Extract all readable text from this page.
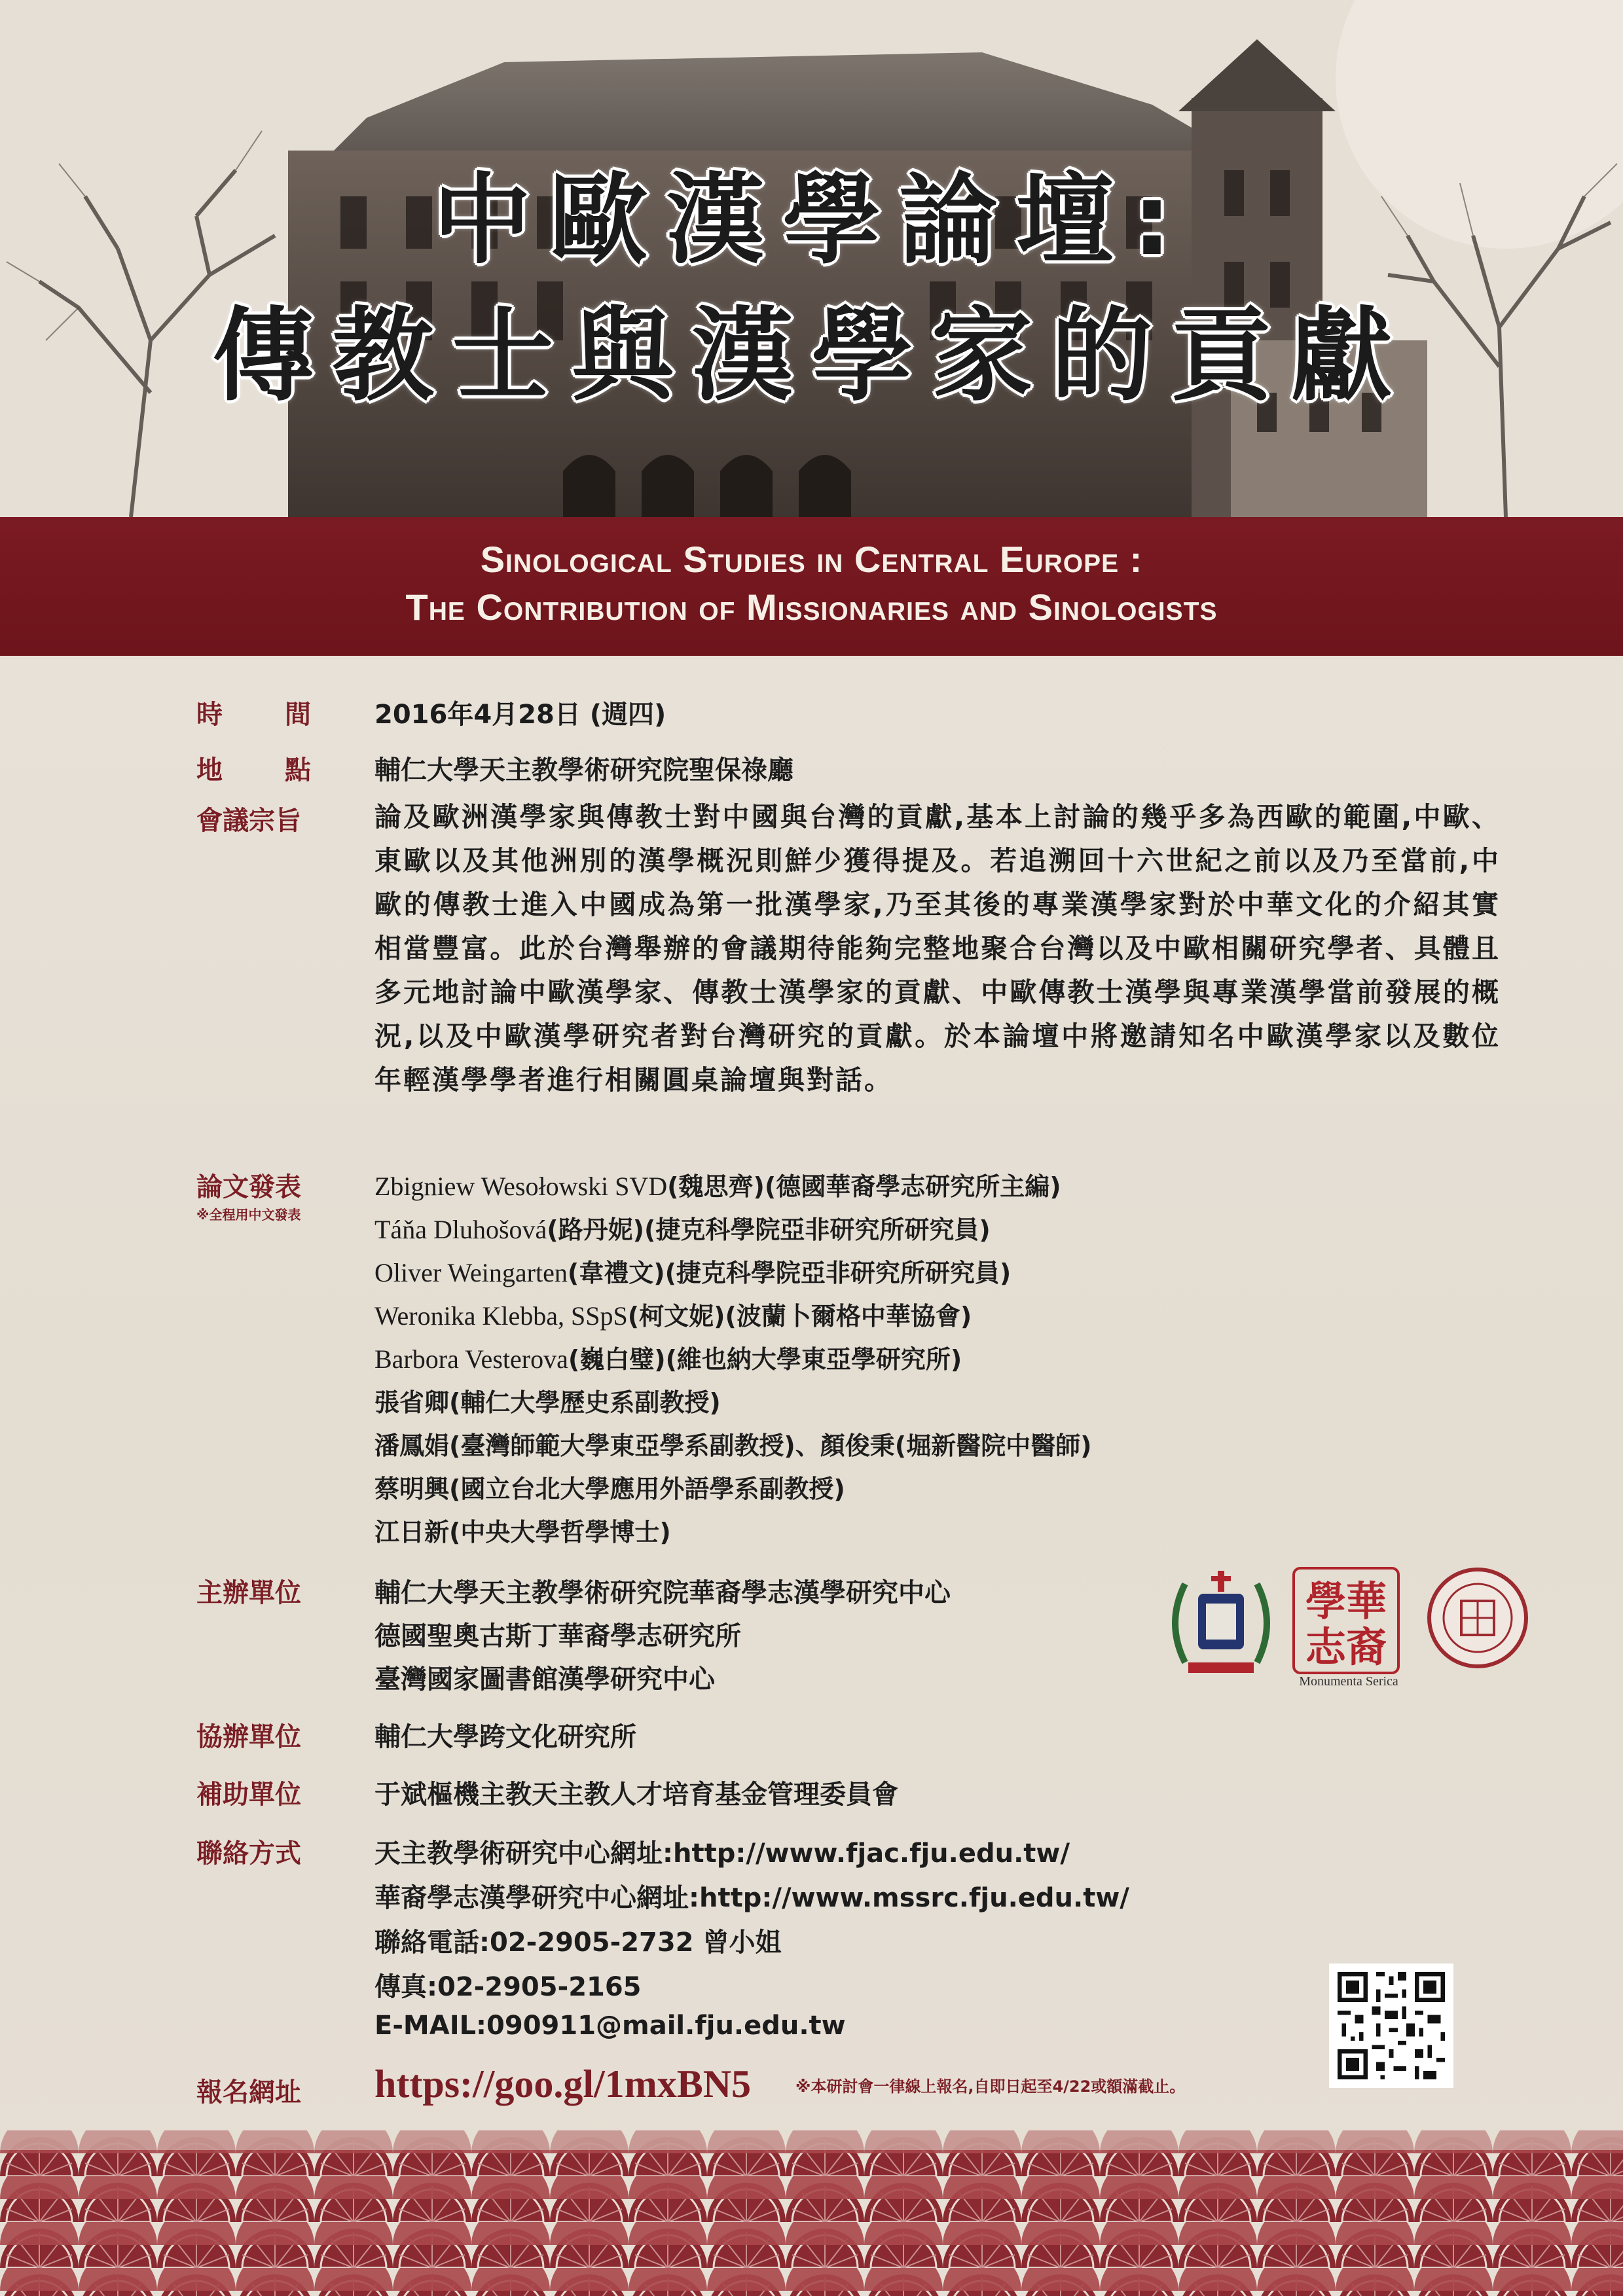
中歐漢學論壇:
傳教士與漢學家的貢獻
Sinological Studies in Central Europe :
The Contribution of Missionaries and Sinologists
時間 2016年4月28日 (週四)
地點 輔仁大學天主教學術研究院聖保祿廳
會議宗旨	論及歐洲漢學家與傳教士對中國與台灣的貢獻,基本上討論的幾乎多為西歐的範圍,中歐、東歐以及其他洲別的漢學概況則鮮少獲得提及。若追溯回十六世紀之前以及乃至當前,中歐的傳教士進入中國成為第一批漢學家,乃至其後的專業漢學家對於中華文化的介紹其實相當豐富。此於台灣舉辦的會議期待能夠完整地聚合台灣以及中歐相關研究學者、具體且多元地討論中歐漢學家、傳教士漢學家的貢獻、中歐傳教士漢學與專業漢學當前發展的概況,以及中歐漢學研究者對台灣研究的貢獻。於本論壇中將邀請知名中歐漢學家以及數位年輕漢學學者進行相關圓桌論壇與對話。
論文發表
※全程用中文發表
Zbigniew Wesołowski SVD(魏思齊)(德國華裔學志研究所主編)
Táňa Dluhošová(路丹妮)(捷克科學院亞非研究所研究員)
Oliver Weingarten(韋禮文)(捷克科學院亞非研究所研究員)
Weronika Klebba, SSpS(柯文妮)(波蘭卜爾格中華協會)
Barbora Vesterova(巍白璧)(維也納大學東亞學研究所)
張省卿(輔仁大學歷史系副教授)
潘鳳娟(臺灣師範大學東亞學系副教授)、顏俊秉(堀新醫院中醫師)
蔡明興(國立台北大學應用外語學系副教授)
江日新(中央大學哲學博士)
主辦單位	輔仁大學天主教學術研究院華裔學志漢學研究中心
德國聖奧古斯丁華裔學志研究所
臺灣國家圖書館漢學研究中心
協辦單位	輔仁大學跨文化研究所
補助單位	于斌樞機主教天主教人才培育基金管理委員會
聯絡方式	天主教學術研究中心網址:http://www.fjac.fju.edu.tw/
華裔學志漢學研究中心網址:http://www.mssrc.fju.edu.tw/
聯絡電話:02-2905-2732 曾小姐
傳真:02-2905-2165
E-MAIL:090911@mail.fju.edu.tw
報名網址 https://goo.gl/1mxBN5	※本研討會一律線上報名,自即日起至4/22或額滿截止。
學華
志裔
Monumenta Serica
